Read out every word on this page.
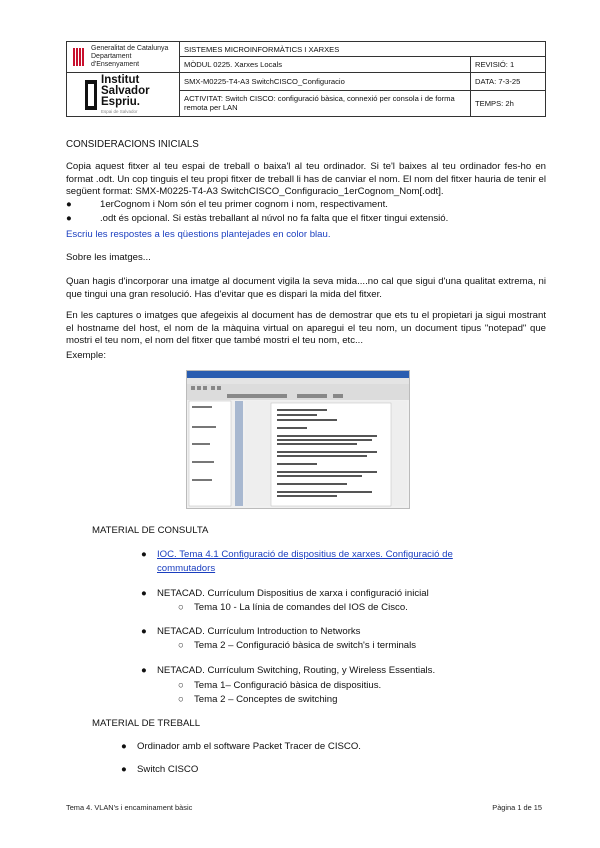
Generalitat de Catalunya
Departament
d'Ensenyament	SISTEMES MICROINFORMÀTICS I XARXES	
	MÒDUL 0225. Xarxes Locals	REVISIÓ: 1

Institut
Salvador
Espriu.
Espai de Salvador	SMX-M0225-T4-A3 SwitchCISCO_Configuracio	DATA: 7-3-25
	ACTIVITAT: Switch CISCO: configuració bàsica, connexió per consola i de forma remota per LAN	TEMPS: 2h
CONSIDERACIONS INICIALS
Copia aquest fitxer al teu espai de treball o baixa'l al teu ordinador. Si te'l baixes al teu ordinador fes-ho en format .odt. Un cop tinguis el teu propi fitxer de treball li has de canviar el nom. El nom del fitxer hauria de tenir el següent format: SMX-M0225-T4-A3 SwitchCISCO_Configuracio_1erCognom_Nom[.odt].
●	1erCognom i Nom són el teu primer cognom i nom, respectivament.
●	.odt és opcional. Si estàs treballant al núvol no fa falta que el fitxer tingui extensió.
Escriu les respostes a les qüestions plantejades en color blau.
Sobre les imatges...
Quan hagis d'incorporar una imatge al document vigila la seva mida....no cal que sigui d'una qualitat extrema, ni que tingui una gran resolució. Has d'evitar que es dispari la mida del fitxer.
En les captures o imatges que afegeixis al document has de demostrar que ets tu el propietari ja sigui mostrant el hostname del host, el nom de la màquina virtual on aparegui el teu nom, un document tipus "notepad" que mostri el teu nom, el nom del fitxer que també mostri el teu nom, etc...
Exemple:
MATERIAL DE CONSULTA
● IOC. Tema 4.1 Configuració de dispositius de xarxes. Configuració de
commutadors
● NETACAD. Currículum Dispositius de xarxa i configuració inicial
○ Tema 10 - La línia de comandes del IOS de Cisco.
● NETACAD. Currículum Introduction to Networks
○ Tema 2 – Configuració bàsica de switch's i terminals
● NETACAD. Currículum Switching, Routing, y Wireless Essentials.
○ Tema 1– Configuració bàsica de dispositius.
○ Tema 2 – Conceptes de switching
MATERIAL DE TREBALL
● Ordinador amb el software Packet Tracer de CISCO.
● Switch CISCO
Tema 4. VLAN's i encaminament bàsic	Pàgina 1 de 15
